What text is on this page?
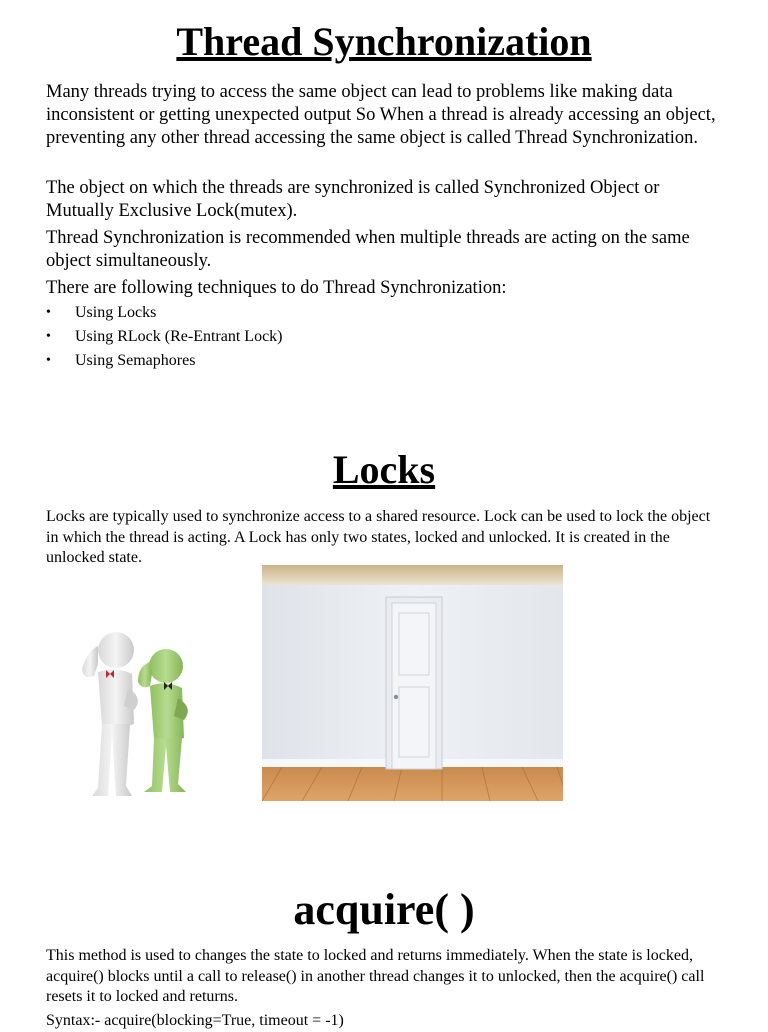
Thread Synchronization

Many threads trying to access the same object can lead to problems like making data inconsistent or getting unexpected output So When a thread is already accessing an object, preventing any other thread accessing the same object is called Thread Synchronization.

The object on which the threads are synchronized is called Synchronized Object or Mutually Exclusive Lock(mutex).

Thread Synchronization is recommended when multiple threads are acting on the same object simultaneously.

There are following techniques to do Thread Synchronization:

• Using Locks
• Using RLock (Re-Entrant Lock)
• Using Semaphores
Locks

Locks are typically used to synchronize access to a shared resource. Lock can be used to lock the object in which the thread is acting. A Lock has only two states, locked and unlocked. It is created in the unlocked state.

acquire( )

This method is used to changes the state to locked and returns immediately. When the state is locked, acquire() blocks until a call to release() in another thread changes it to unlocked, then the acquire() call resets it to locked and returns.

Syntax:- acquire(blocking=True, timeout = -1)
